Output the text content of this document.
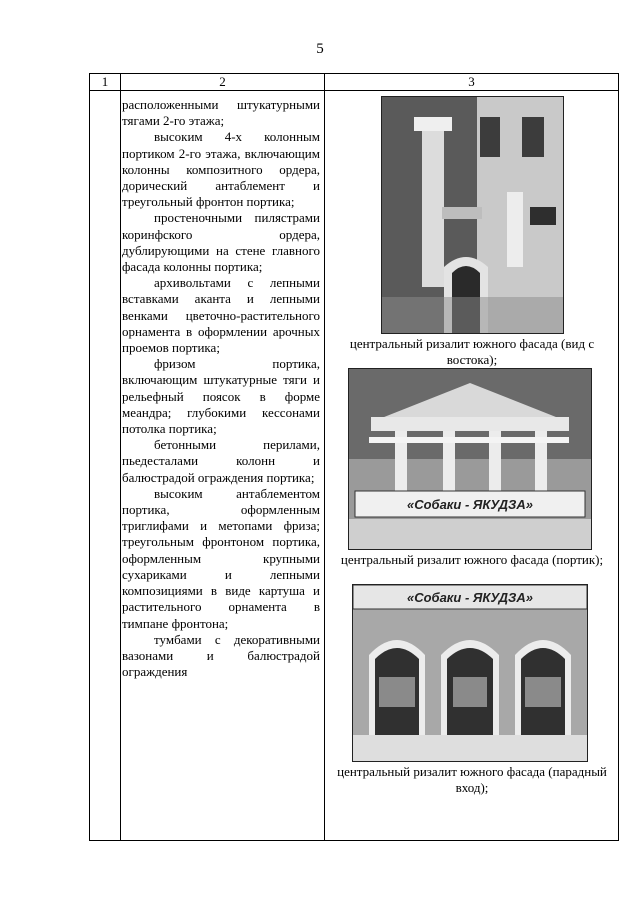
5
1	2	3

расположенными штукатурными тягами 2-го этажа;

высоким 4-х колонным портиком 2-го этажа, включающим колонны композитного ордера, дорический антаблемент и треугольный фронтон портика;

простеночными пилястрами коринфского ордера, дублирующими на стене главного фасада колонны портика;

архивольтами с лепными вставками аканта и лепными венками цветочно-растительного орнамента в оформлении арочных проемов портика;

фризом портика, включающим штукатурные тяги и рельефный поясок в форме меандра; глубокими кессонами потолка портика;

бетонными перилами, пьедесталами колонн и балюстрадой ограждения портика;

высоким антаблементом портика, оформленным триглифами и метопами фриза; треугольным фронтоном портика, оформленным крупными сухариками и лепными композициями в виде картуша и растительного орнамента в тимпане фронтона;

тумбами с декоративными вазонами и балюстрадой ограждения

центральный ризалит южного фасада (вид с востока);
«Собаки - ЯКУДЗА»
центральный ризалит южного фасада (портик);
«Собаки - ЯКУДЗА»
центральный ризалит южного фасада (парадный вход);
